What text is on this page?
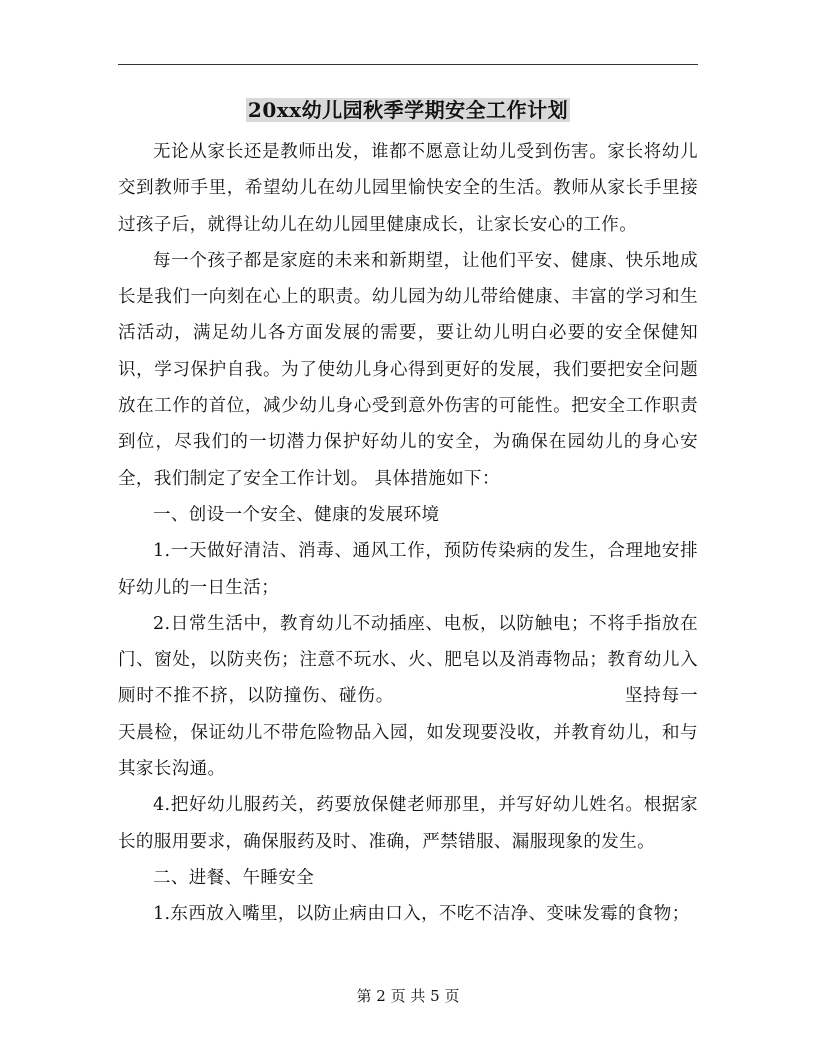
20xx幼儿园秋季学期安全工作计划

无论从家长还是教师出发，谁都不愿意让幼儿受到伤害。家长将幼儿交到教师手里，希望幼儿在幼儿园里愉快安全的生活。教师从家长手里接过孩子后，就得让幼儿在幼儿园里健康成长，让家长安心的工作。

每一个孩子都是家庭的未来和新期望，让他们平安、健康、快乐地成长是我们一向刻在心上的职责。幼儿园为幼儿带给健康、丰富的学习和生活活动，满足幼儿各方面发展的需要，要让幼儿明白必要的安全保健知识，学习保护自我。为了使幼儿身心得到更好的发展，我们要把安全问题放在工作的首位，减少幼儿身心受到意外伤害的可能性。把安全工作职责到位，尽我们的一切潜力保护好幼儿的安全，为确保在园幼儿的身心安全，我们制定了安全工作计划。 具体措施如下：

一、创设一个安全、健康的发展环境

1.一天做好清洁、消毒、通风工作，预防传染病的发生，合理地安排好幼儿的一日生活；

2.日常生活中，教育幼儿不动插座、电板，以防触电；不将手指放在门、窗处，以防夹伤；注意不玩水、火、肥皂以及消毒物品；教育幼儿入厕时不推不挤，以防撞伤、碰伤。　　　　　　　　　　　　　坚持每一天晨检，保证幼儿不带危险物品入园，如发现要没收，并教育幼儿，和与其家长沟通。

4.把好幼儿服药关，药要放保健老师那里，并写好幼儿姓名。根据家长的服用要求，确保服药及时、准确，严禁错服、漏服现象的发生。

二、进餐、午睡安全

1.东西放入嘴里，以防止病由口入，不吃不洁净、变味发霉的食物；

第 2 页 共 5 页
